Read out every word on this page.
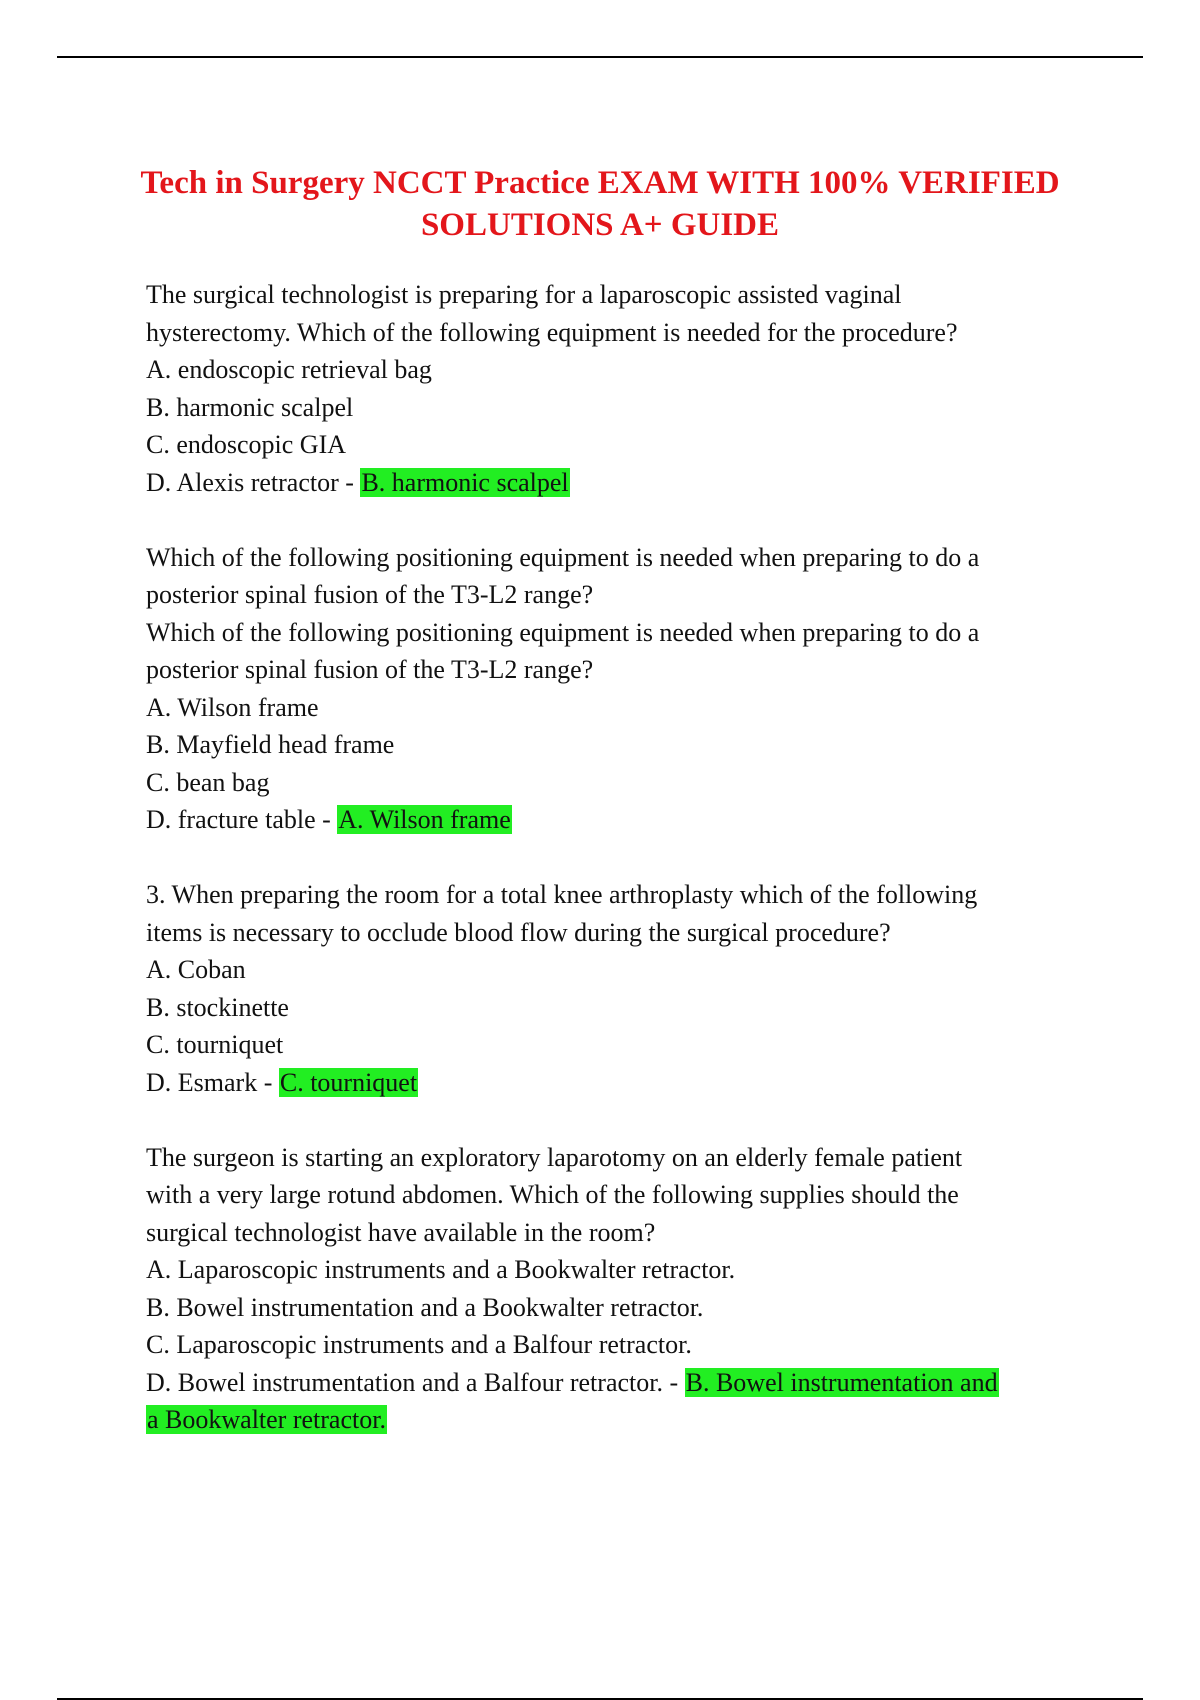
Tech in Surgery NCCT Practice EXAM WITH 100% VERIFIED
SOLUTIONS A+ GUIDE
The surgical technologist is preparing for a laparoscopic assisted vaginal
hysterectomy. Which of the following equipment is needed for the procedure?
A. endoscopic retrieval bag
B. harmonic scalpel
C. endoscopic GIA
D. Alexis retractor - B. harmonic scalpel
Which of the following positioning equipment is needed when preparing to do a
posterior spinal fusion of the T3-L2 range?
Which of the following positioning equipment is needed when preparing to do a
posterior spinal fusion of the T3-L2 range?
A. Wilson frame
B. Mayfield head frame
C. bean bag
D. fracture table - A. Wilson frame
3. When preparing the room for a total knee arthroplasty which of the following
items is necessary to occlude blood flow during the surgical procedure?
A. Coban
B. stockinette
C. tourniquet
D. Esmark - C. tourniquet
The surgeon is starting an exploratory laparotomy on an elderly female patient
with a very large rotund abdomen. Which of the following supplies should the
surgical technologist have available in the room?
A. Laparoscopic instruments and a Bookwalter retractor.
B. Bowel instrumentation and a Bookwalter retractor.
C. Laparoscopic instruments and a Balfour retractor.
D. Bowel instrumentation and a Balfour retractor. - B. Bowel instrumentation and
a Bookwalter retractor.
